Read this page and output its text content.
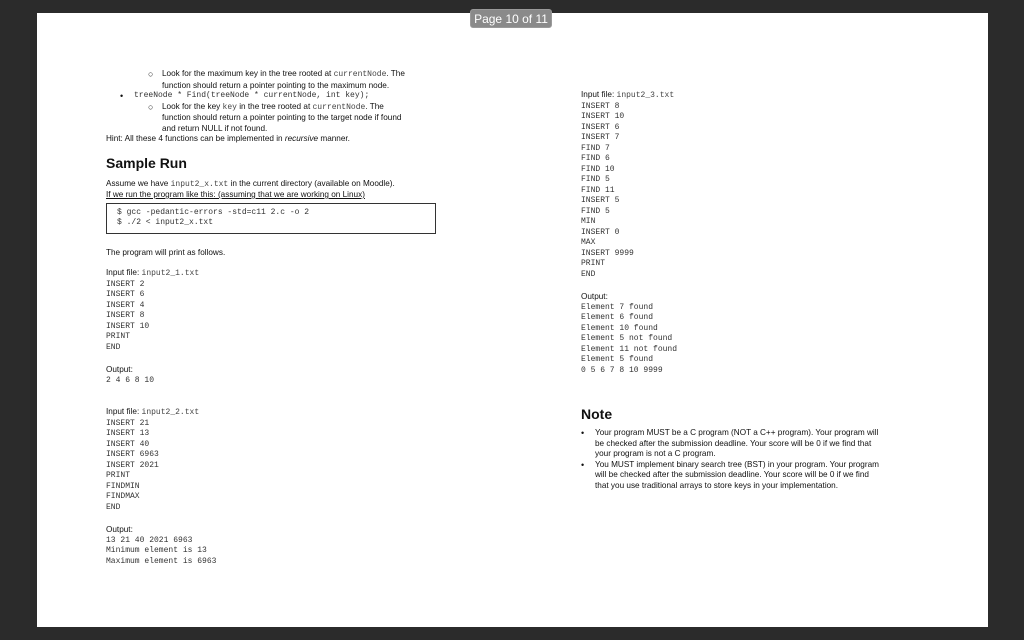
○	Look for the maximum key in the tree rooted at currentNode. The
function should return a pointer pointing to the maximum node.
•	treeNode * Find(treeNode * currentNode, int key);
○	Look for the key key in the tree rooted at currentNode. The
function should return a pointer pointing to the target node if found
and return NULL if not found.
Hint: All these 4 functions can be implemented in recursive manner.
Sample Run
Assume we have input2_x.txt in the current directory (available on Moodle).
If we run the program like this: (assuming that we are working on Linux)
$ gcc -pedantic-errors -std=c11 2.c -o 2
$ ./2 < input2_x.txt
The program will print as follows.
Input file: input2_1.txt
INSERT 2
INSERT 6
INSERT 4
INSERT 8
INSERT 10
PRINT
END
Output:
2 4 6 8 10
Input file: input2_2.txt
INSERT 21
INSERT 13
INSERT 40
INSERT 6963
INSERT 2021
PRINT
FINDMIN
FINDMAX
END
Output:
13 21 40 2021 6963
Minimum element is 13
Maximum element is 6963
Input file: input2_3.txt
INSERT 8
INSERT 10
INSERT 6
INSERT 7
FIND 7
FIND 6
FIND 10
FIND 5
FIND 11
INSERT 5
FIND 5
MIN
INSERT 0
MAX
INSERT 9999
PRINT
END
Output:
Element 7 found
Element 6 found
Element 10 found
Element 5 not found
Element 11 not found
Element 5 found
0 5 6 7 8 10 9999
Note
•	Your program MUST be a C program (NOT a C++ program). Your program will
be checked after the submission deadline. Your score will be 0 if we find that
your program is not a C program.
•	You MUST implement binary search tree (BST) in your program. Your program
will be checked after the submission deadline. Your score will be 0 if we find
that you use traditional arrays to store keys in your implementation.
Page 10 of 11
